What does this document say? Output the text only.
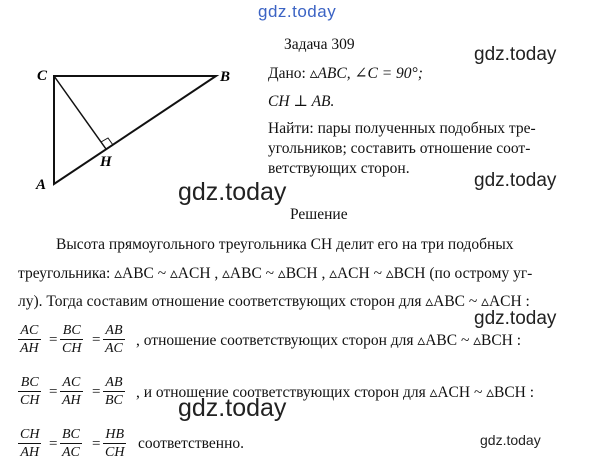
gdz.today
gdz.today
gdz.today
gdz.today
gdz.today
gdz.today
gdz.today
C	B
H
A
Задача 309
Дано: ▵ABC, ∠C = 90°;
CH ⊥ AB.
Найти: пары полученных подобных тре-
угольников; составить отношение соот-
ветствующих сторон.
Решение
Высота прямоугольного треугольника CH делит его на три подобных
треугольника: ▵ABC ~ ▵ACH , ▵ABC ~ ▵BCH , ▵ACH ~ ▵BCH (по острому уг-
лу). Тогда составим отношение соответствующих сторон для ▵ABC ~ ▵ACH :
$\frac{AC}{AH} = \frac{BC}{CH} = \frac{AB}{AC}$ , отношение соответствующих сторон для ▵ABC ~ ▵BCH :
$\frac{BC}{CH} = \frac{AC}{AH} = \frac{AB}{BC}$ , и отношение соответствующих сторон для ▵ACH ~ ▵BCH :
$\frac{CH}{AH} = \frac{BC}{AC} = \frac{HB}{CH}$ соответственно.
